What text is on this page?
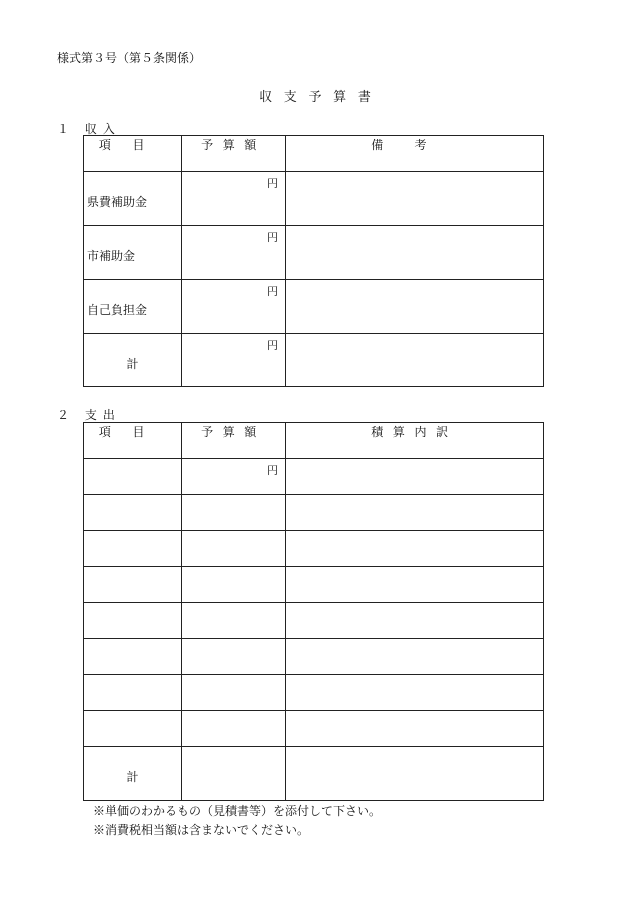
様式第３号（第５条関係）
収支予算書
１ 収入
項目	予算額	備考

県費補助金	円	

市補助金	円	

自己負担金	円	

計	円	

２ 支出
項目	予算額	積算内訳

	円	

計		

※単価のわかるもの（見積書等）を添付して下さい。
※消費税相当額は含まないでください。
